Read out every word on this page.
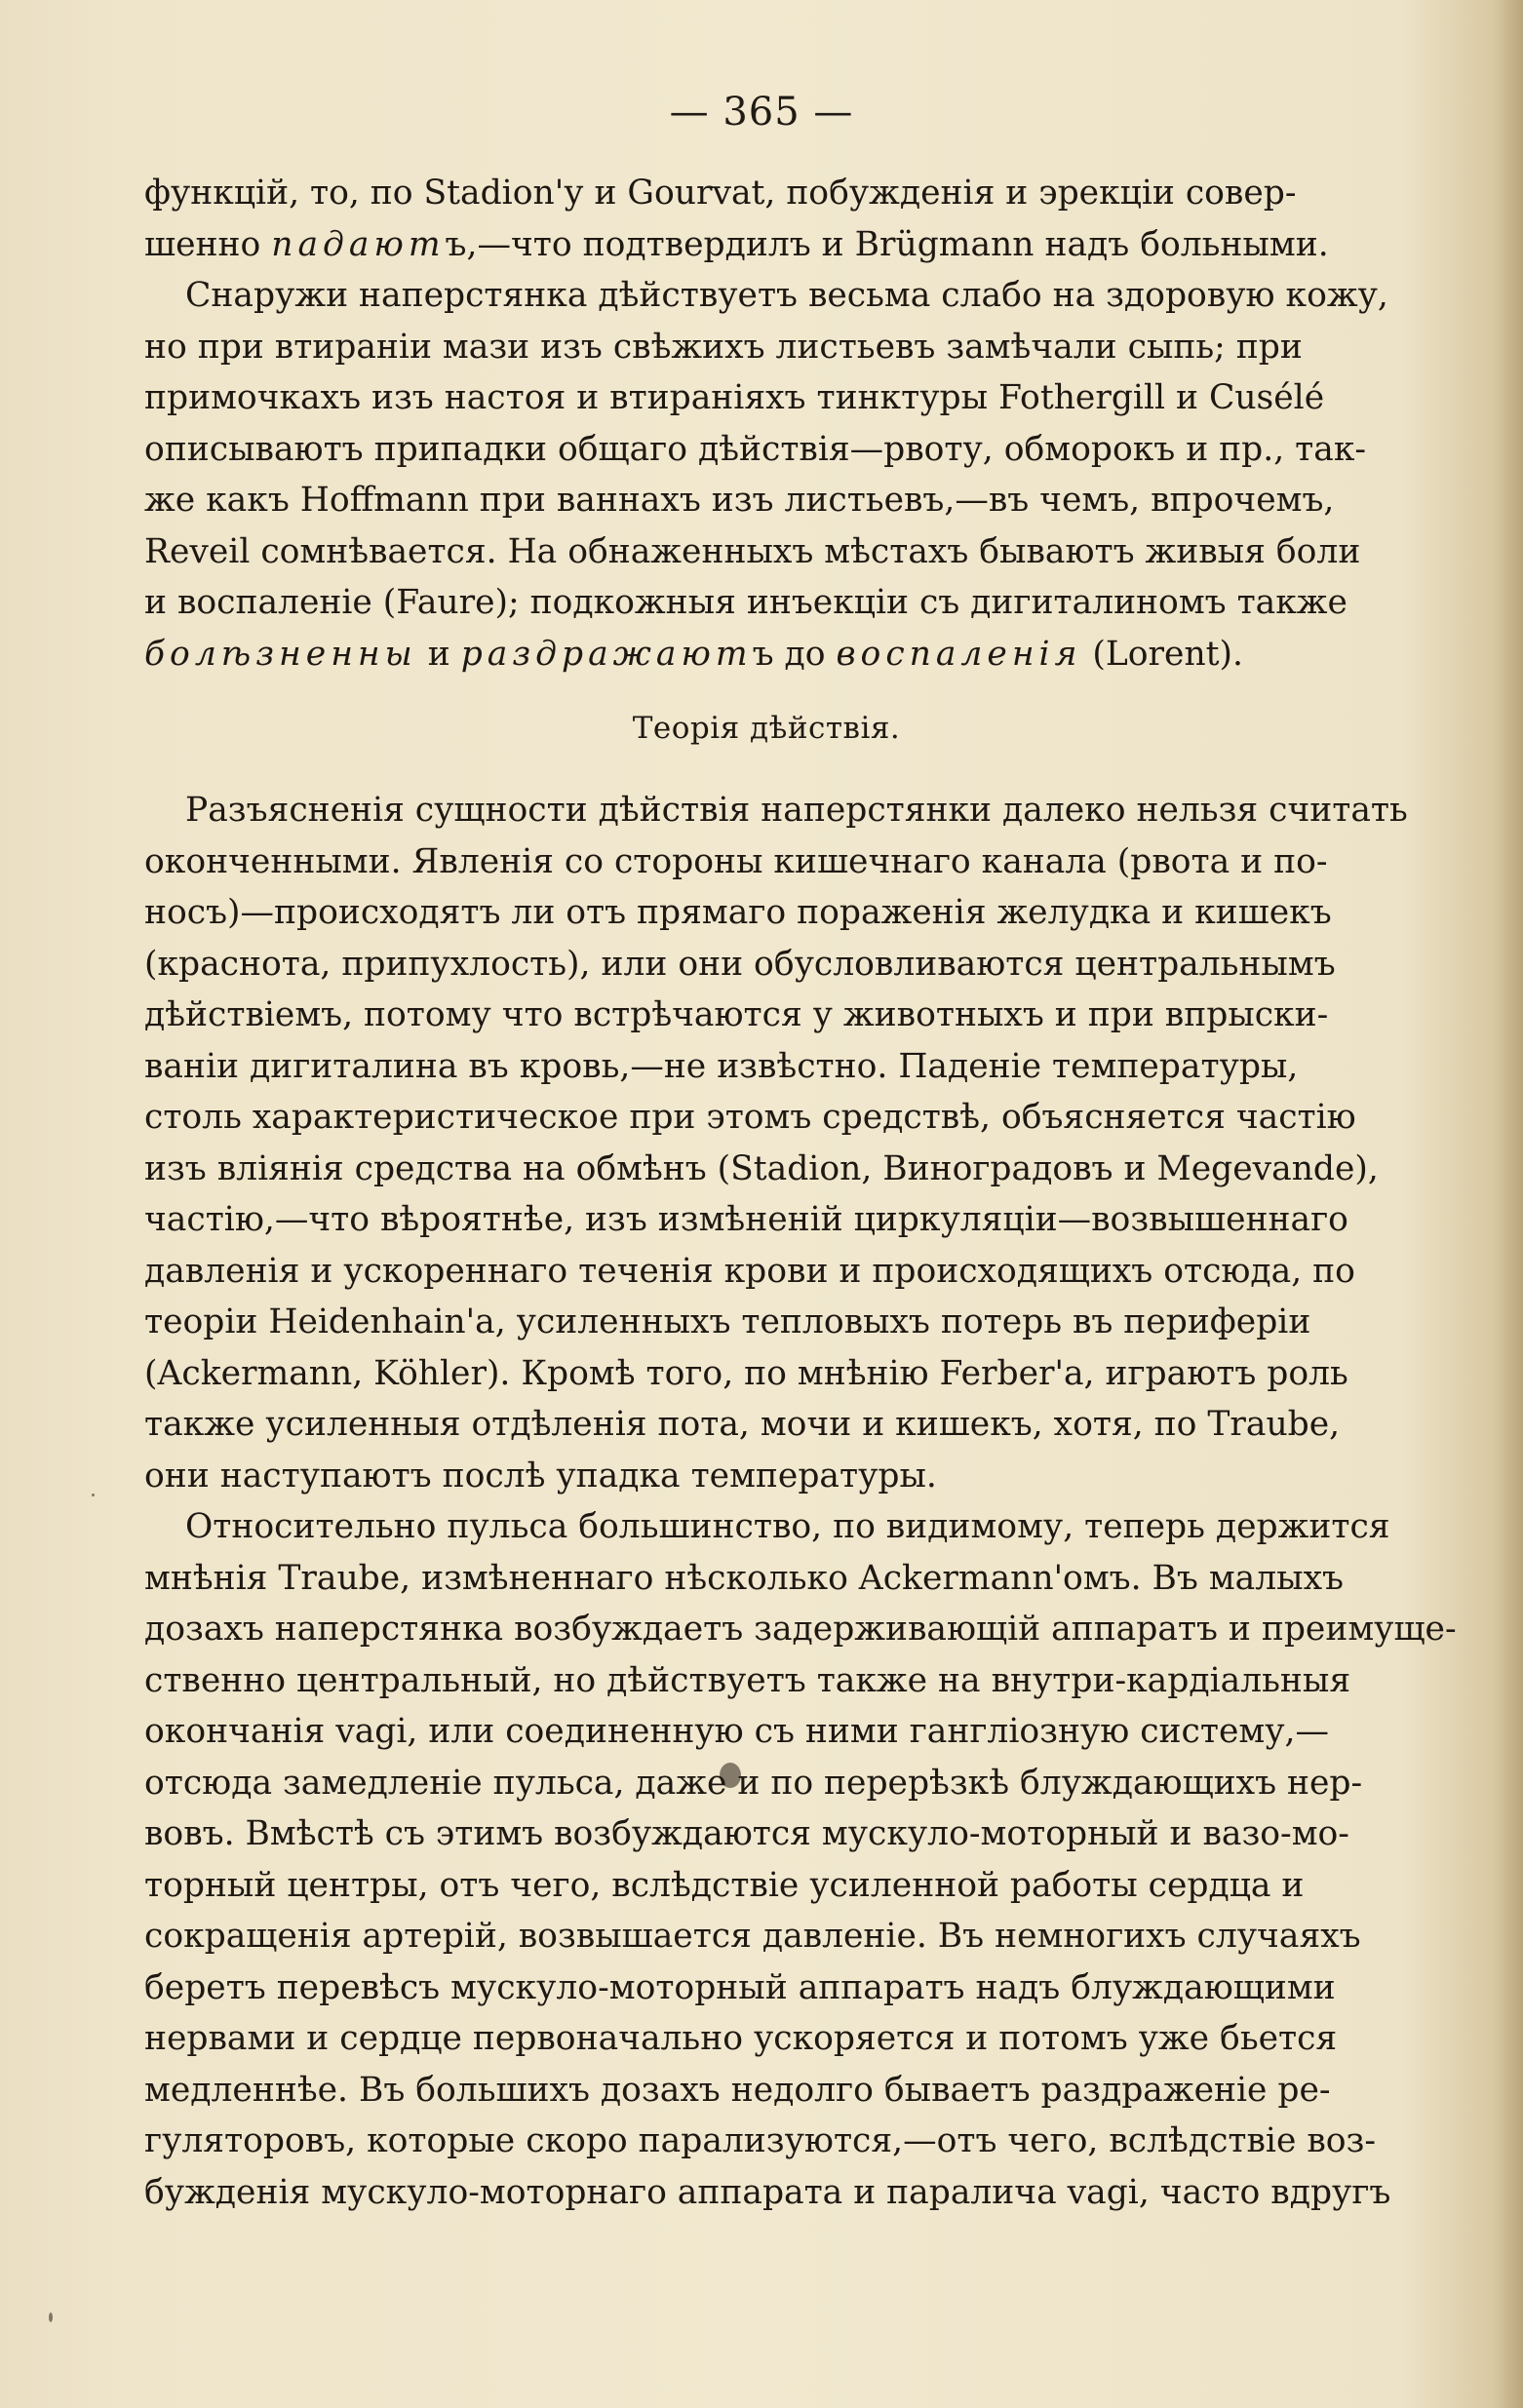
— 365 —
функцій, то, по Stadion'у и Gourvat, побужденія и эрекціи совер-
шенно падаютъ,—что подтвердилъ и Brügmann надъ больными.
Снаружи наперстянка дѣйствуетъ весьма слабо на здоровую кожу,
но при втираніи мази изъ свѣжихъ листьевъ замѣчали сыпь; при
примочкахъ изъ настоя и втираніяхъ тинктуры Fothergill и Cusélé
описываютъ припадки общаго дѣйствія—рвоту, обморокъ и пр., так-
же какъ Hoffmann при ваннахъ изъ листьевъ,—въ чемъ, впрочемъ,
Reveil сомнѣвается. На обнаженныхъ мѣстахъ бываютъ живыя боли
и воспаленіе (Faure); подкожныя инъекціи съ дигиталиномъ также
болѣзненны и раздражаютъ до воспаленія (Lorent).
Теорія дѣйствія.
Разъясненія сущности дѣйствія наперстянки далеко нельзя считать
оконченными. Явленія со стороны кишечнаго канала (рвота и по-
носъ)—происходятъ ли отъ прямаго пораженія желудка и кишекъ
(краснота, припухлость), или они обусловливаются центральнымъ
дѣйствіемъ, потому что встрѣчаются у животныхъ и при впрыски-
ваніи дигиталина въ кровь,—не извѣстно. Паденіе температуры,
столь характеристическое при этомъ средствѣ, объясняется частію
изъ вліянія средства на обмѣнъ (Stadion, Виноградовъ и Megevande),
частію,—что вѣроятнѣе, изъ измѣненій циркуляціи—возвышеннаго
давленія и ускореннаго теченія крови и происходящихъ отсюда, по
теоріи Heidenhain'а, усиленныхъ тепловыхъ потерь въ периферіи
(Ackermann, Köhler). Кромѣ того, по мнѣнію Ferber'а, играютъ роль
также усиленныя отдѣленія пота, мочи и кишекъ, хотя, по Traube,
они наступаютъ послѣ упадка температуры.
Относительно пульса большинство, по видимому, теперь держится
мнѣнія Traube, измѣненнаго нѣсколько Ackermann'омъ. Въ малыхъ
дозахъ наперстянка возбуждаетъ задерживающій аппаратъ и преимуще-
ственно центральный, но дѣйствуетъ также на внутри-кардіальныя
окончанія vagi, или соединенную съ ними гангліозную систему,—
отсюда замедленіе пульса, даже и по перерѣзкѣ блуждающихъ нер-
вовъ. Вмѣстѣ съ этимъ возбуждаются мускуло-моторный и вазо-мо-
торный центры, отъ чего, вслѣдствіе усиленной работы сердца и
сокращенія артерій, возвышается давленіе. Въ немногихъ случаяхъ
беретъ перевѣсъ мускуло-моторный аппаратъ надъ блуждающими
нервами и сердце первоначально ускоряется и потомъ уже бьется
медленнѣе. Въ большихъ дозахъ недолго бываетъ раздраженіе ре-
гуляторовъ, которые скоро парализуются,—отъ чего, вслѣдствіе воз-
бужденія мускуло-моторнаго аппарата и паралича vagi, часто вдругъ
